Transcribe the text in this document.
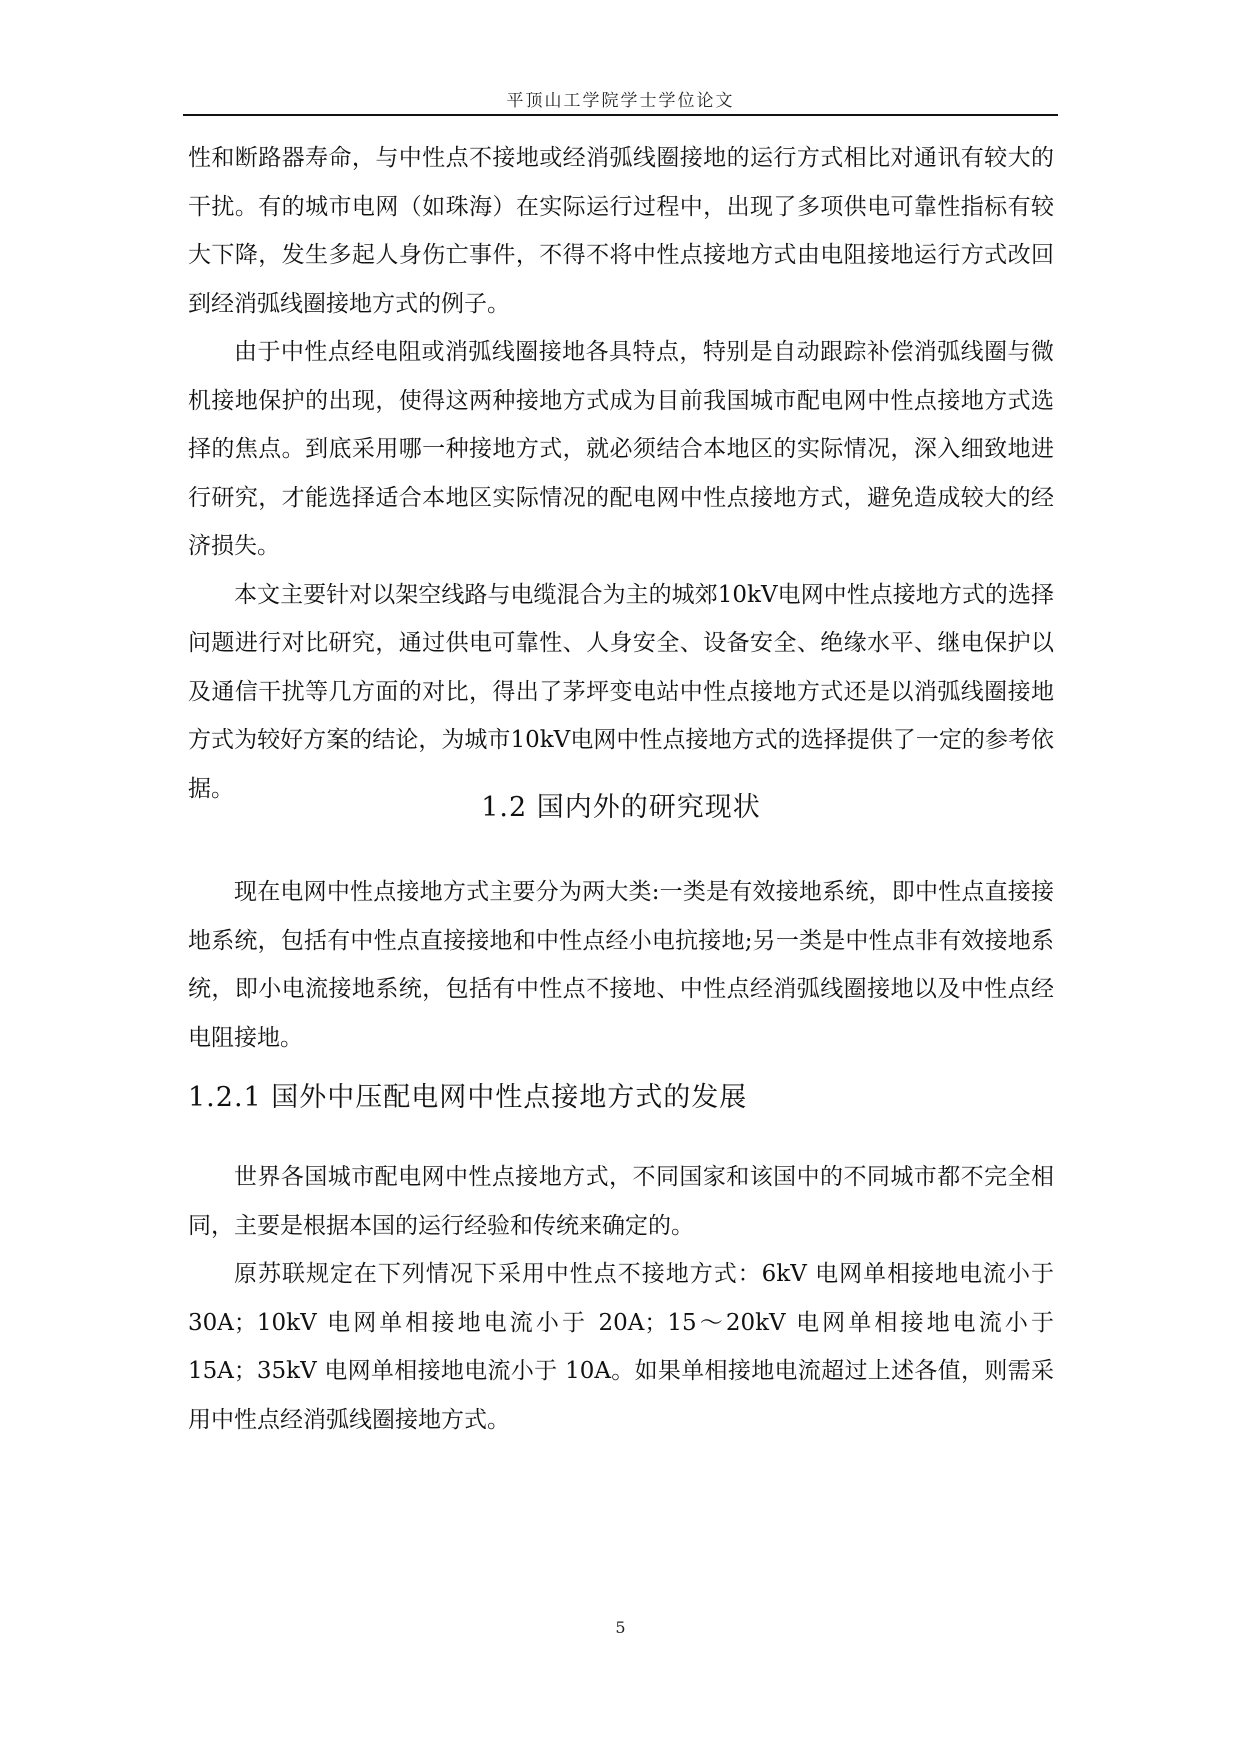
平顶山工学院学士学位论文

性和断路器寿命，与中性点不接地或经消弧线圈接地的运行方式相比对通讯有较大的干扰。有的城市电网（如珠海）在实际运行过程中，出现了多项供电可靠性指标有较大下降，发生多起人身伤亡事件，不得不将中性点接地方式由电阻接地运行方式改回到经消弧线圈接地方式的例子。

由于中性点经电阻或消弧线圈接地各具特点，特别是自动跟踪补偿消弧线圈与微机接地保护的出现，使得这两种接地方式成为目前我国城市配电网中性点接地方式选择的焦点。到底采用哪一种接地方式，就必须结合本地区的实际情况，深入细致地进行研究，才能选择适合本地区实际情况的配电网中性点接地方式，避免造成较大的经济损失。

本文主要针对以架空线路与电缆混合为主的城郊10kV电网中性点接地方式的选择问题进行对比研究，通过供电可靠性、人身安全、设备安全、绝缘水平、继电保护以及通信干扰等几方面的对比，得出了茅坪变电站中性点接地方式还是以消弧线圈接地方式为较好方案的结论，为城市10kV电网中性点接地方式的选择提供了一定的参考依据。

1.2 国内外的研究现状

现在电网中性点接地方式主要分为两大类:一类是有效接地系统，即中性点直接接地系统，包括有中性点直接接地和中性点经小电抗接地;另一类是中性点非有效接地系统，即小电流接地系统，包括有中性点不接地、中性点经消弧线圈接地以及中性点经电阻接地。

1.2.1 国外中压配电网中性点接地方式的发展

世界各国城市配电网中性点接地方式，不同国家和该国中的不同城市都不完全相同，主要是根据本国的运行经验和传统来确定的。

原苏联规定在下列情况下采用中性点不接地方式：6kV 电网单相接地电流小于 30A；10kV 电网单相接地电流小于 20A；15～20kV 电网单相接地电流小于 15A；35kV 电网单相接地电流小于 10A。如果单相接地电流超过上述各值，则需采用中性点经消弧线圈接地方式。

5
